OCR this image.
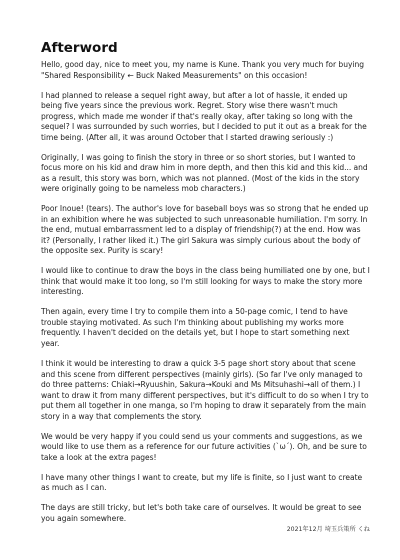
Afterword

Hello, good day, nice to meet you, my name is Kune. Thank you very much for buying "Shared Responsibility ← Buck Naked Measurements" on this occasion!

I had planned to release a sequel right away, but after a lot of hassle, it ended up being five years since the previous work. Regret. Story wise there wasn't much progress, which made me wonder if that's really okay, after taking so long with the sequel? I was surrounded by such worries, but I decided to put it out as a break for the time being. (After all, it was around October that I started drawing seriously :)

Originally, I was going to finish the story in three or so short stories, but I wanted to focus more on his kid and draw him in more depth, and then this kid and this kid... and as a result, this story was born, which was not planned. (Most of the kids in the story were originally going to be nameless mob characters.)

Poor Inoue! (tears). The author's love for baseball boys was so strong that he ended up in an exhibition where he was subjected to such unreasonable humiliation. I'm sorry. In the end, mutual embarrassment led to a display of friendship(?) at the end. How was it? (Personally, I rather liked it.) The girl Sakura was simply curious about the body of the opposite sex. Purity is scary!

I would like to continue to draw the boys in the class being humiliated one by one, but I think that would make it too long, so I'm still looking for ways to make the story more interesting.

Then again, every time I try to compile them into a 50-page comic, I tend to have trouble staying motivated. As such I'm thinking about publishing my works more frequently. I haven't decided on the details yet, but I hope to start something next year.

I think it would be interesting to draw a quick 3-5 page short story about that scene and this scene from different perspectives (mainly girls). (So far I've only managed to do three patterns: Chiaki→Ryuushin, Sakura→Kouki and Ms Mitsuhashi→all of them.) I want to draw it from many different perspectives, but it's difficult to do so when I try to put them all together in one manga, so I'm hoping to draw it separately from the main story in a way that complements the story.

We would be very happy if you could send us your comments and suggestions, as we would like to use them as a reference for our future activities (`ω´). Oh, and be sure to take a look at the extra pages!

I have many other things I want to create, but my life is finite, so I just want to create as much as I can.

The days are still tricky, but let's both take care of ourselves. It would be great to see you again somewhere.

2021年12月 埼玉兵策所 くね
